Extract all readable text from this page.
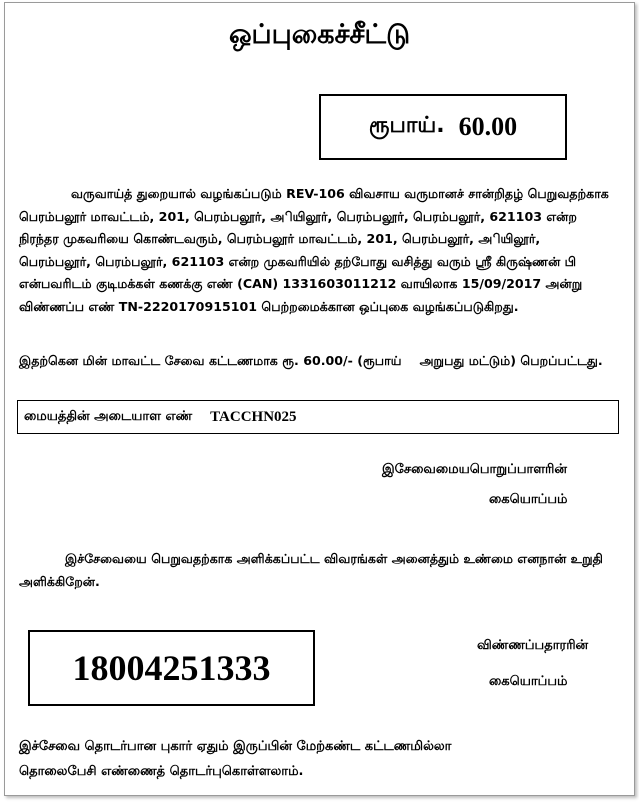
ஒப்புகைச்சீட்டு
ரூபாய். 60.00

வருவாய்த் துறையால் வழங்கப்படும் REV-106 விவசாய வருமானச் சான்றிதழ் பெறுவதற்காக பெரம்பலூர் மாவட்டம், 201, பெரம்பலூர், அியிலூர், பெரம்பலூர், பெரம்பலூர், 621103 என்ற நிரந்தர முகவரியை கொண்டவரும், பெரம்பலூர் மாவட்டம், 201, பெரம்பலூர், அியிலூர், பெரம்பலூர், பெரம்பலூர், 621103 என்ற முகவரியில் தற்போது வசித்து வரும் ஸ்ரீ கிருஷ்ணன் பி என்பவரிடம் குடிமக்கள் கணக்கு எண் (CAN) 1331603011212 வாயிலாக 15/09/2017 அன்று விண்ணப்ப எண் TN-2220170915101 பெற்றமைக்கான ஒப்புகை வழங்கப்படுகிறது.

இதற்கென மின் மாவட்ட சேவை கட்டணமாக ரூ. 60.00/- (ரூபாய் அறுபது மட்டும்) பெறப்பட்டது.

மையத்தின் அடையாள எண் TACCHN025
இசேவைமையபொறுப்பாளரின்
கையொப்பம்

இச்சேவையை பெறுவதற்காக அளிக்கப்பட்ட விவரங்கள் அனைத்தும் உண்மை எனநான் உறுதி அளிக்கிறேன்.

18004251333
விண்ணப்பதாரரின்
கையொப்பம்
இச்சேவை தொடர்பான புகார் ஏதும் இருப்பின் மேற்கண்ட கட்டணமில்லா
தொலைபேசி எண்ணைத் தொடர்புகொள்ளலாம்.
